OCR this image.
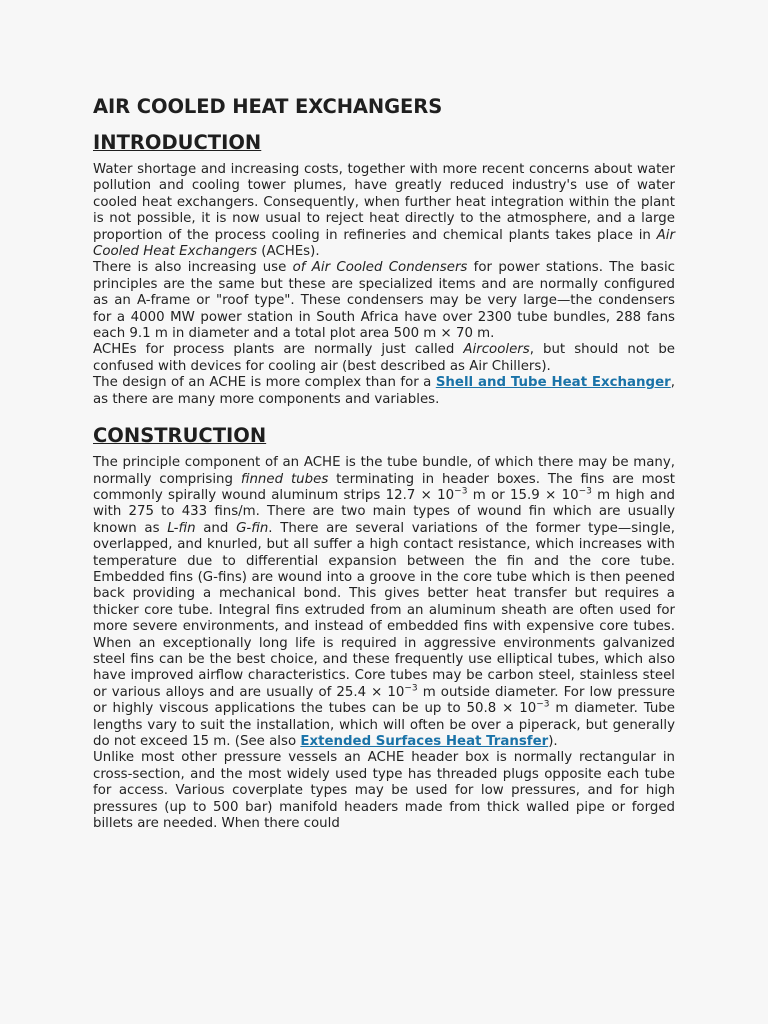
AIR COOLED HEAT EXCHANGERS
INTRODUCTION

Water shortage and increasing costs, together with more recent concerns about water pollution and cooling tower plumes, have greatly reduced industry's use of water cooled heat exchangers. Consequently, when further heat integration within the plant is not possible, it is now usual to reject heat directly to the atmosphere, and a large proportion of the process cooling in refineries and chemical plants takes place in Air Cooled Heat Exchangers (ACHEs).

There is also increasing use of Air Cooled Condensers for power stations. The basic principles are the same but these are specialized items and are normally configured as an A-frame or "roof type". These condensers may be very large—the condensers for a 4000 MW power station in South Africa have over 2300 tube bundles, 288 fans each 9.1 m in diameter and a total plot area 500 m × 70 m.

ACHEs for process plants are normally just called Aircoolers, but should not be confused with devices for cooling air (best described as Air Chillers).

The design of an ACHE is more complex than for a Shell and Tube Heat Exchanger, as there are many more components and variables.

CONSTRUCTION

The principle component of an ACHE is the tube bundle, of which there may be many, normally comprising finned tubes terminating in header boxes. The fins are most commonly spirally wound aluminum strips $12.7 \times 10^{-3}$ m or $15.9 \times 10^{-3}$ m high and with 275 to 433 fins/m. There are two main types of wound fin which are usually known as L-fin and G-fin. There are several variations of the former type—single, overlapped, and knurled, but all suffer a high contact resistance, which increases with temperature due to differential expansion between the fin and the core tube. Embedded fins (G-fins) are wound into a groove in the core tube which is then peened back providing a mechanical bond. This gives better heat transfer but requires a thicker core tube. Integral fins extruded from an aluminum sheath are often used for more severe environments, and instead of embedded fins with expensive core tubes. When an exceptionally long life is required in aggressive environments galvanized steel fins can be the best choice, and these frequently use elliptical tubes, which also have improved airflow characteristics. Core tubes may be carbon steel, stainless steel or various alloys and are usually of $25.4 \times 10^{-3}$ m outside diameter. For low pressure or highly viscous applications the tubes can be up to $50.8 \times 10^{-3}$ m diameter. Tube lengths vary to suit the installation, which will often be over a piperack, but generally do not exceed 15 m. (See also Extended Surfaces Heat Transfer).

Unlike most other pressure vessels an ACHE header box is normally rectangular in cross-section, and the most widely used type has threaded plugs opposite each tube for access. Various coverplate types may be used for low pressures, and for high pressures (up to 500 bar) manifold headers made from thick walled pipe or forged billets are needed. When there could
